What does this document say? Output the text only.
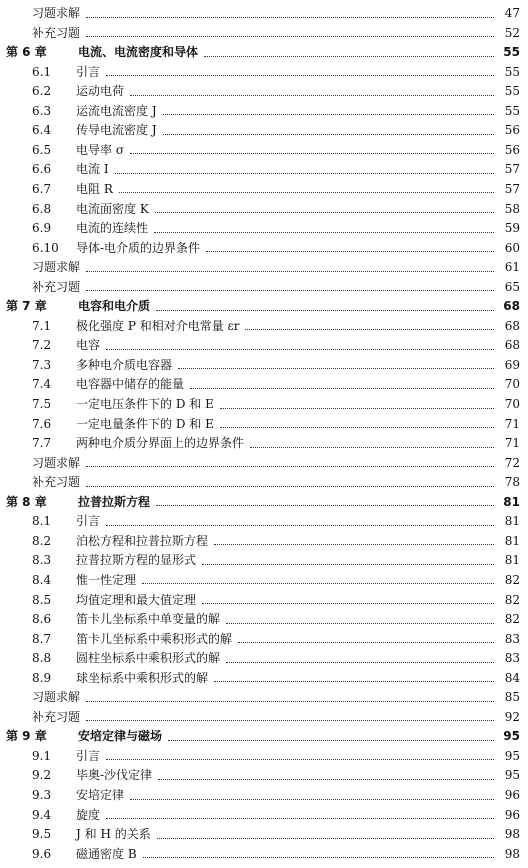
习题求解	47
补充习题	52
第 6 章	电流、电流密度和导体	55
6.1	引言	55
6.2	运动电荷	55
6.3	运流电流密度 J	55
6.4	传导电流密度 J	56
6.5	电导率 σ	56
6.6	电流 I	57
6.7	电阻 R	57
6.8	电流面密度 K	58
6.9	电流的连续性	59
6.10	导体-电介质的边界条件	60
习题求解	61
补充习题	65
第 7 章	电容和电介质	68
7.1	极化强度 P 和相对介电常量 εr	68
7.2	电容	68
7.3	多种电介质电容器	69
7.4	电容器中储存的能量	70
7.5	一定电压条件下的 D 和 E	70
7.6	一定电量条件下的 D 和 E	71
7.7	两种电介质分界面上的边界条件	71
习题求解	72
补充习题	78
第 8 章	拉普拉斯方程	81
8.1	引言	81
8.2	泊松方程和拉普拉斯方程	81
8.3	拉普拉斯方程的显形式	81
8.4	惟一性定理	82
8.5	均值定理和最大值定理	82
8.6	笛卡儿坐标系中单变量的解	82
8.7	笛卡儿坐标系中乘积形式的解	83
8.8	圆柱坐标系中乘积形式的解	83
8.9	球坐标系中乘积形式的解	84
习题求解	85
补充习题	92
第 9 章	安培定律与磁场	95
9.1	引言	95
9.2	毕奥-沙伐定律	95
9.3	安培定律	96
9.4	旋度	96
9.5	J 和 H 的关系	98
9.6	磁通密度 B	98
